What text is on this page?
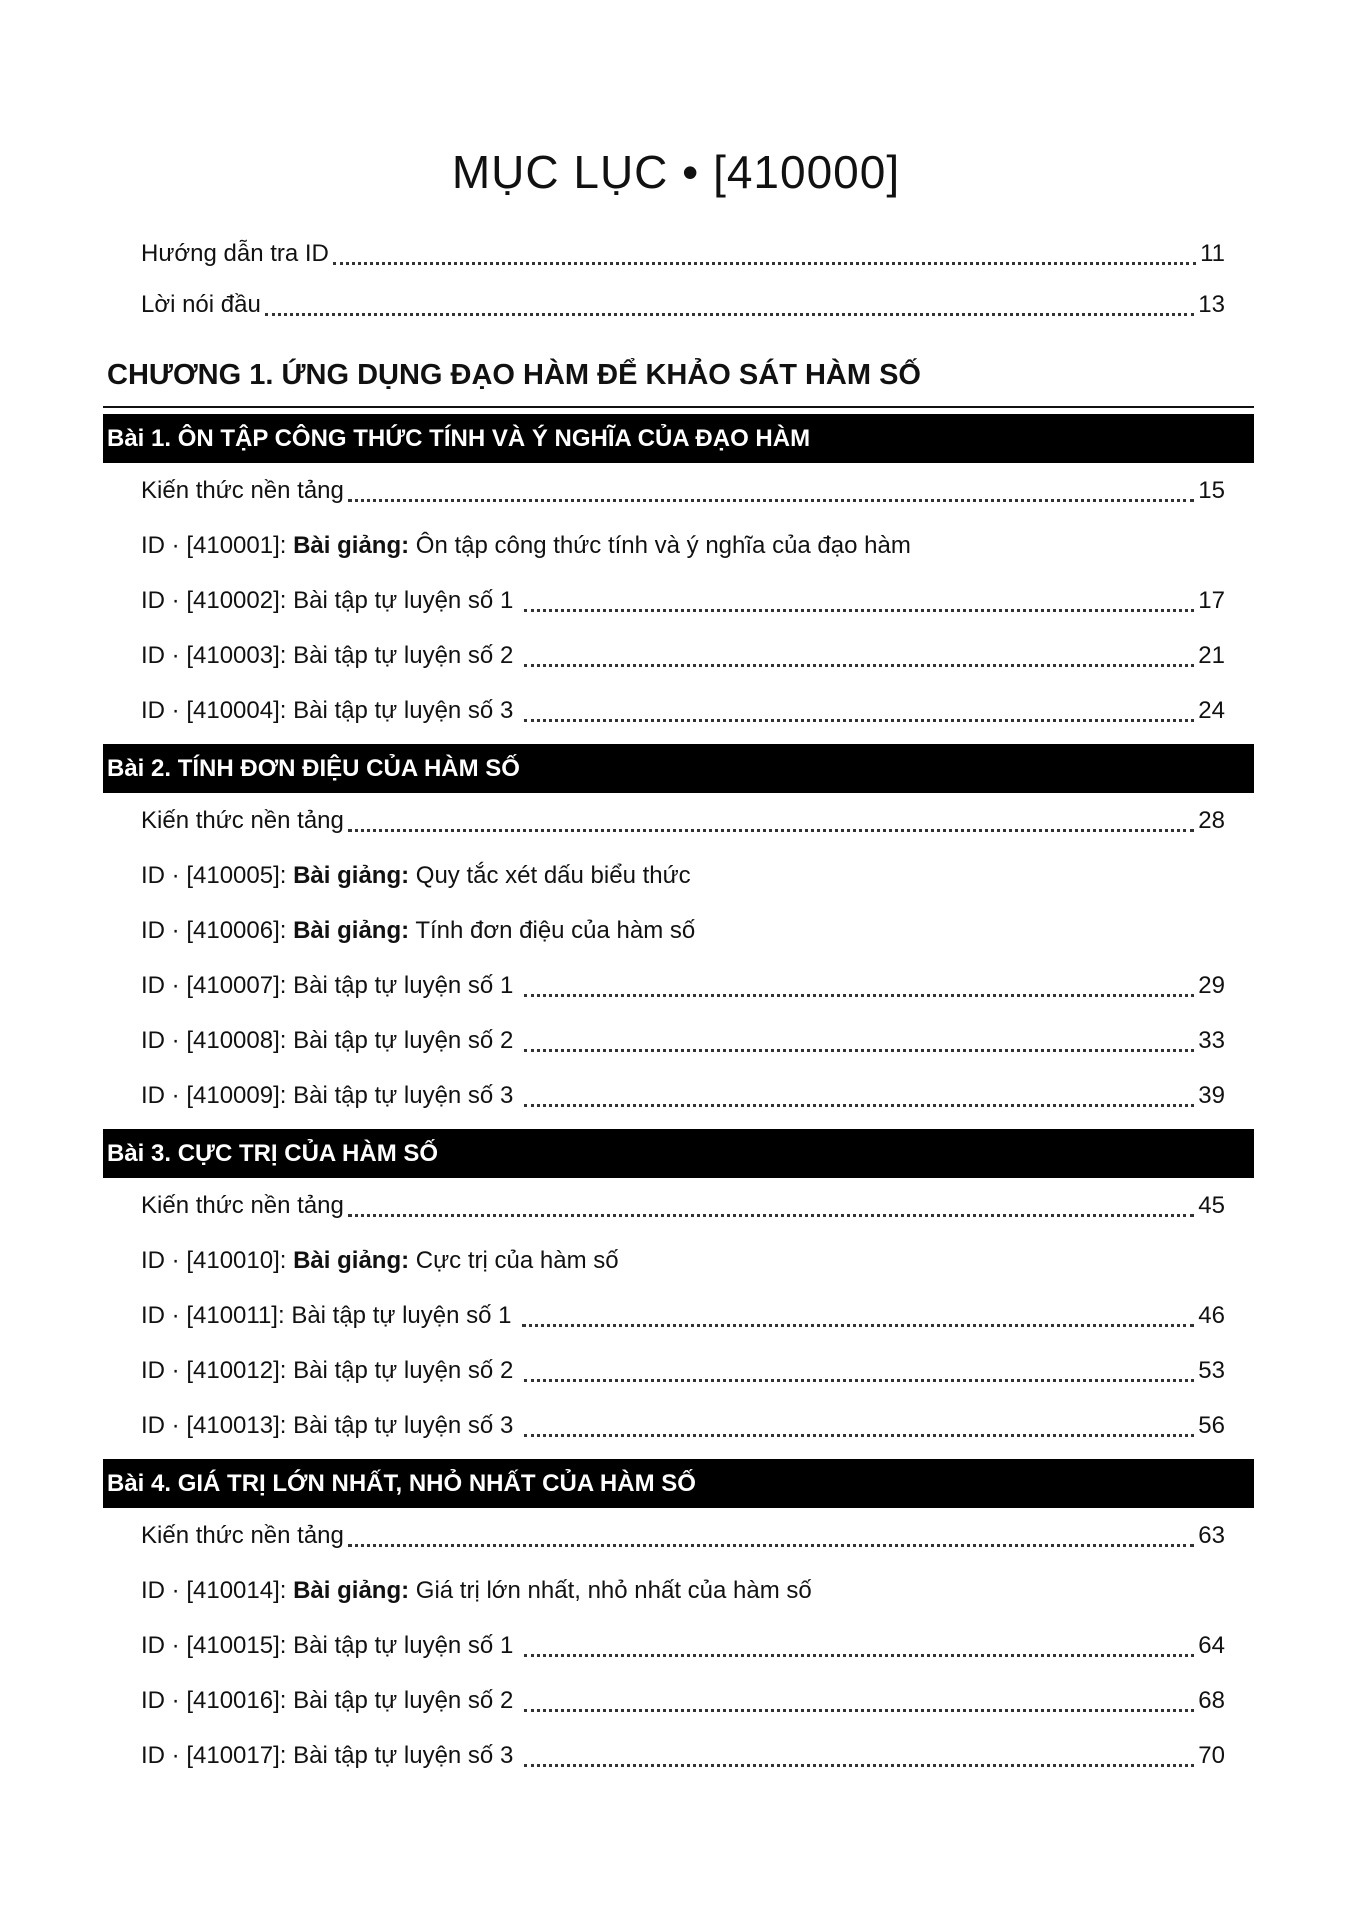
MỤC LỤC • [410000]
Hướng dẫn tra ID	11
Lời nói đầu	13
CHƯƠNG 1. ỨNG DỤNG ĐẠO HÀM ĐỂ KHẢO SÁT HÀM SỐ
Bài 1. ÔN TẬP CÔNG THỨC TÍNH VÀ Ý NGHĨA CỦA ĐẠO HÀM
Kiến thức nền tảng	15
ID · [410001]: Bài giảng: Ôn tập công thức tính và ý nghĩa của đạo hàm
ID · [410002]: Bài tập tự luyện số 1	17
ID · [410003]: Bài tập tự luyện số 2	21
ID · [410004]: Bài tập tự luyện số 3	24
Bài 2. TÍNH ĐƠN ĐIỆU CỦA HÀM SỐ
Kiến thức nền tảng	28
ID · [410005]: Bài giảng: Quy tắc xét dấu biểu thức
ID · [410006]: Bài giảng: Tính đơn điệu của hàm số
ID · [410007]: Bài tập tự luyện số 1	29
ID · [410008]: Bài tập tự luyện số 2	33
ID · [410009]: Bài tập tự luyện số 3	39
Bài 3. CỰC TRỊ CỦA HÀM SỐ
Kiến thức nền tảng	45
ID · [410010]: Bài giảng: Cực trị của hàm số
ID · [410011]: Bài tập tự luyện số 1	46
ID · [410012]: Bài tập tự luyện số 2	53
ID · [410013]: Bài tập tự luyện số 3	56
Bài 4. GIÁ TRỊ LỚN NHẤT, NHỎ NHẤT CỦA HÀM SỐ
Kiến thức nền tảng	63
ID · [410014]: Bài giảng: Giá trị lớn nhất, nhỏ nhất của hàm số
ID · [410015]: Bài tập tự luyện số 1	64
ID · [410016]: Bài tập tự luyện số 2	68
ID · [410017]: Bài tập tự luyện số 3	70
